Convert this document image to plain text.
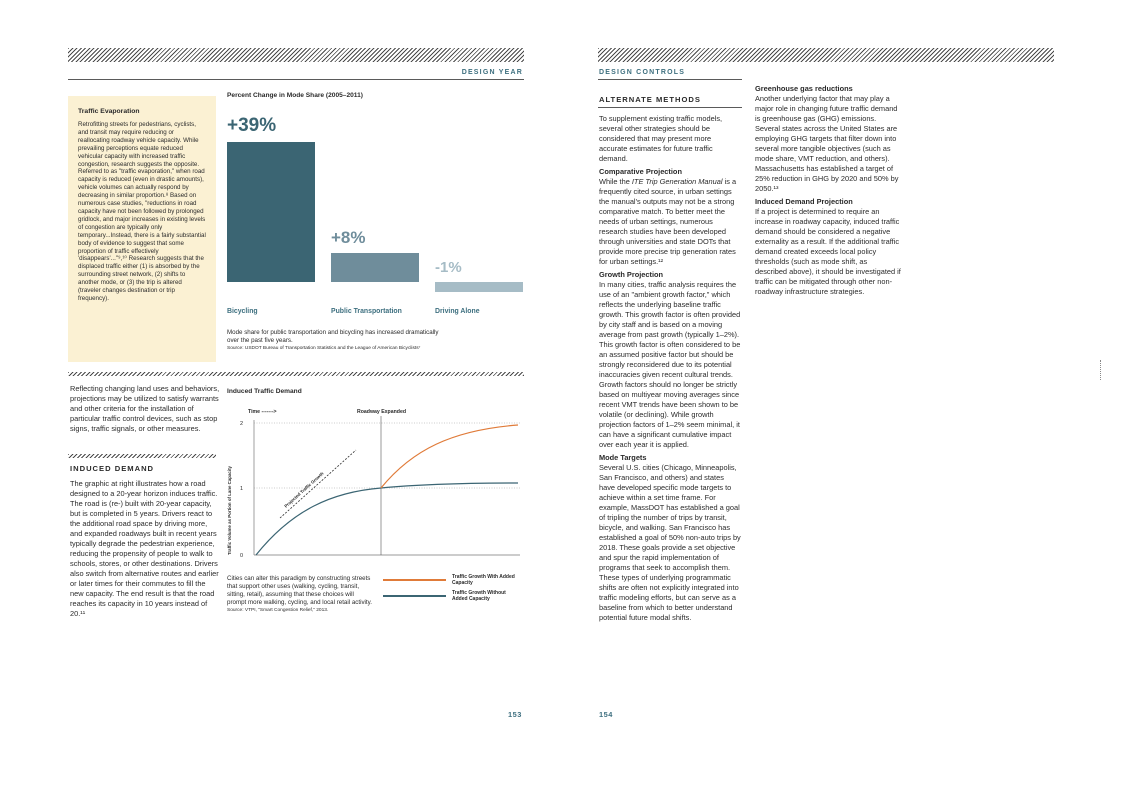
DESIGN YEAR
Traffic Evaporation
Retrofitting streets for pedestrians, cyclists, and transit may require reducing or reallocating roadway vehicle capacity. While prevailing perceptions equate reduced vehicular capacity with increased traffic congestion, research suggests the opposite. Referred to as "traffic evaporation," when road capacity is reduced (even in drastic amounts), vehicle volumes can actually respond by decreasing in similar proportion.⁸ Based on numerous case studies, "reductions in road capacity have not been followed by prolonged gridlock, and major increases in existing levels of congestion are typically only temporary...Instead, there is a fairly substantial body of evidence to suggest that some proportion of traffic effectively 'disappears'..."⁹,¹⁰ Research suggests that the displaced traffic either (1) is absorbed by the surrounding street network, (2) shifts to another mode, or (3) the trip is altered (traveler changes destination or trip frequency).
Percent Change in Mode Share (2005–2011)
+39%
Bicycling
+8%
Public Transportation
-1%
Driving Alone
Mode share for public transportation and bicycling has increased dramatically over the past five years.
Source: USDOT Bureau of Transportation Statistics and the League of American Bicyclists⁷
Reflecting changing land uses and behaviors, projections may be utilized to satisfy warrants and other criteria for the installation of particular traffic control devices, such as stop signs, traffic signals, or other measures.
INDUCED DEMAND
The graphic at right illustrates how a road designed to a 20-year horizon induces traffic. The road is (re-) built with 20-year capacity, but is completed in 5 years. Drivers react to the additional road space by driving more, and expanded roadways built in recent years typically degrade the pedestrian experience, reducing the propensity of people to walk to schools, stores, or other destinations. Drivers also switch from alternative routes and earlier or later times for their commutes to fill the new capacity. The end result is that the road reaches its capacity in 10 years instead of 20.¹¹
Induced Traffic Demand
Time ------->	Roadway Expanded
2
1
0
Traffic Volume as Portion of Lane Capacity	Projected Traffic Growth
Cities can alter this paradigm by constructing streets that support other uses (walking, cycling, transit, sitting, retail), assuming that these choices will prompt more walking, cycling, and local retail activity.
Source: VTPI, "Smart Congestion Relief," 2013.
Traffic Growth With Added Capacity
Traffic Growth Without Added Capacity
153
DESIGN CONTROLS
ALTERNATE METHODS

To supplement existing traffic models, several other strategies should be considered that may present more accurate estimates for future traffic demand.

Comparative Projection
While the ITE Trip Generation Manual is a frequently cited source, in urban settings the manual's outputs may not be a strong comparative match. To better meet the needs of urban settings, numerous research studies have been developed through universities and state DOTs that provide more precise trip generation rates for urban settings.¹²

Growth Projection
In many cities, traffic analysis requires the use of an "ambient growth factor," which reflects the underlying baseline traffic growth. This growth factor is often provided by city staff and is based on a moving average from past growth (typically 1–2%). This growth factor is often considered to be an assumed positive factor but should be strongly reconsidered due to its potential inaccuracies given recent cultural trends. Growth factors should no longer be strictly based on multiyear moving averages since recent VMT trends have been shown to be volatile (or declining). While growth projection factors of 1–2% seem minimal, it can have a significant cumulative impact over each year it is applied.

Mode Targets
Several U.S. cities (Chicago, Minneapolis, San Francisco, and others) and states have developed specific mode targets to achieve within a set time frame. For example, MassDOT has established a goal of tripling the number of trips by transit, bicycle, and walking. San Francisco has established a goal of 50% non-auto trips by 2018. These goals provide a set objective and spur the rapid implementation of programs that seek to accomplish them. These types of underlying programmatic shifts are often not explicitly integrated into traffic modeling efforts, but can serve as a baseline from which to better understand potential future modal shifts.

Greenhouse gas reductions
Another underlying factor that may play a major role in changing future traffic demand is greenhouse gas (GHG) emissions. Several states across the United States are employing GHG targets that filter down into several more tangible objectives (such as mode share, VMT reduction, and others). Massachusetts has established a target of 25% reduction in GHG by 2020 and 50% by 2050.¹³

Induced Demand Projection
If a project is determined to require an increase in roadway capacity, induced traffic demand should be considered a negative externality as a result. If the additional traffic demand created exceeds local policy thresholds (such as mode shift, as described above), it should be investigated if traffic can be mitigated through other non-roadway infrastructure strategies.

154
